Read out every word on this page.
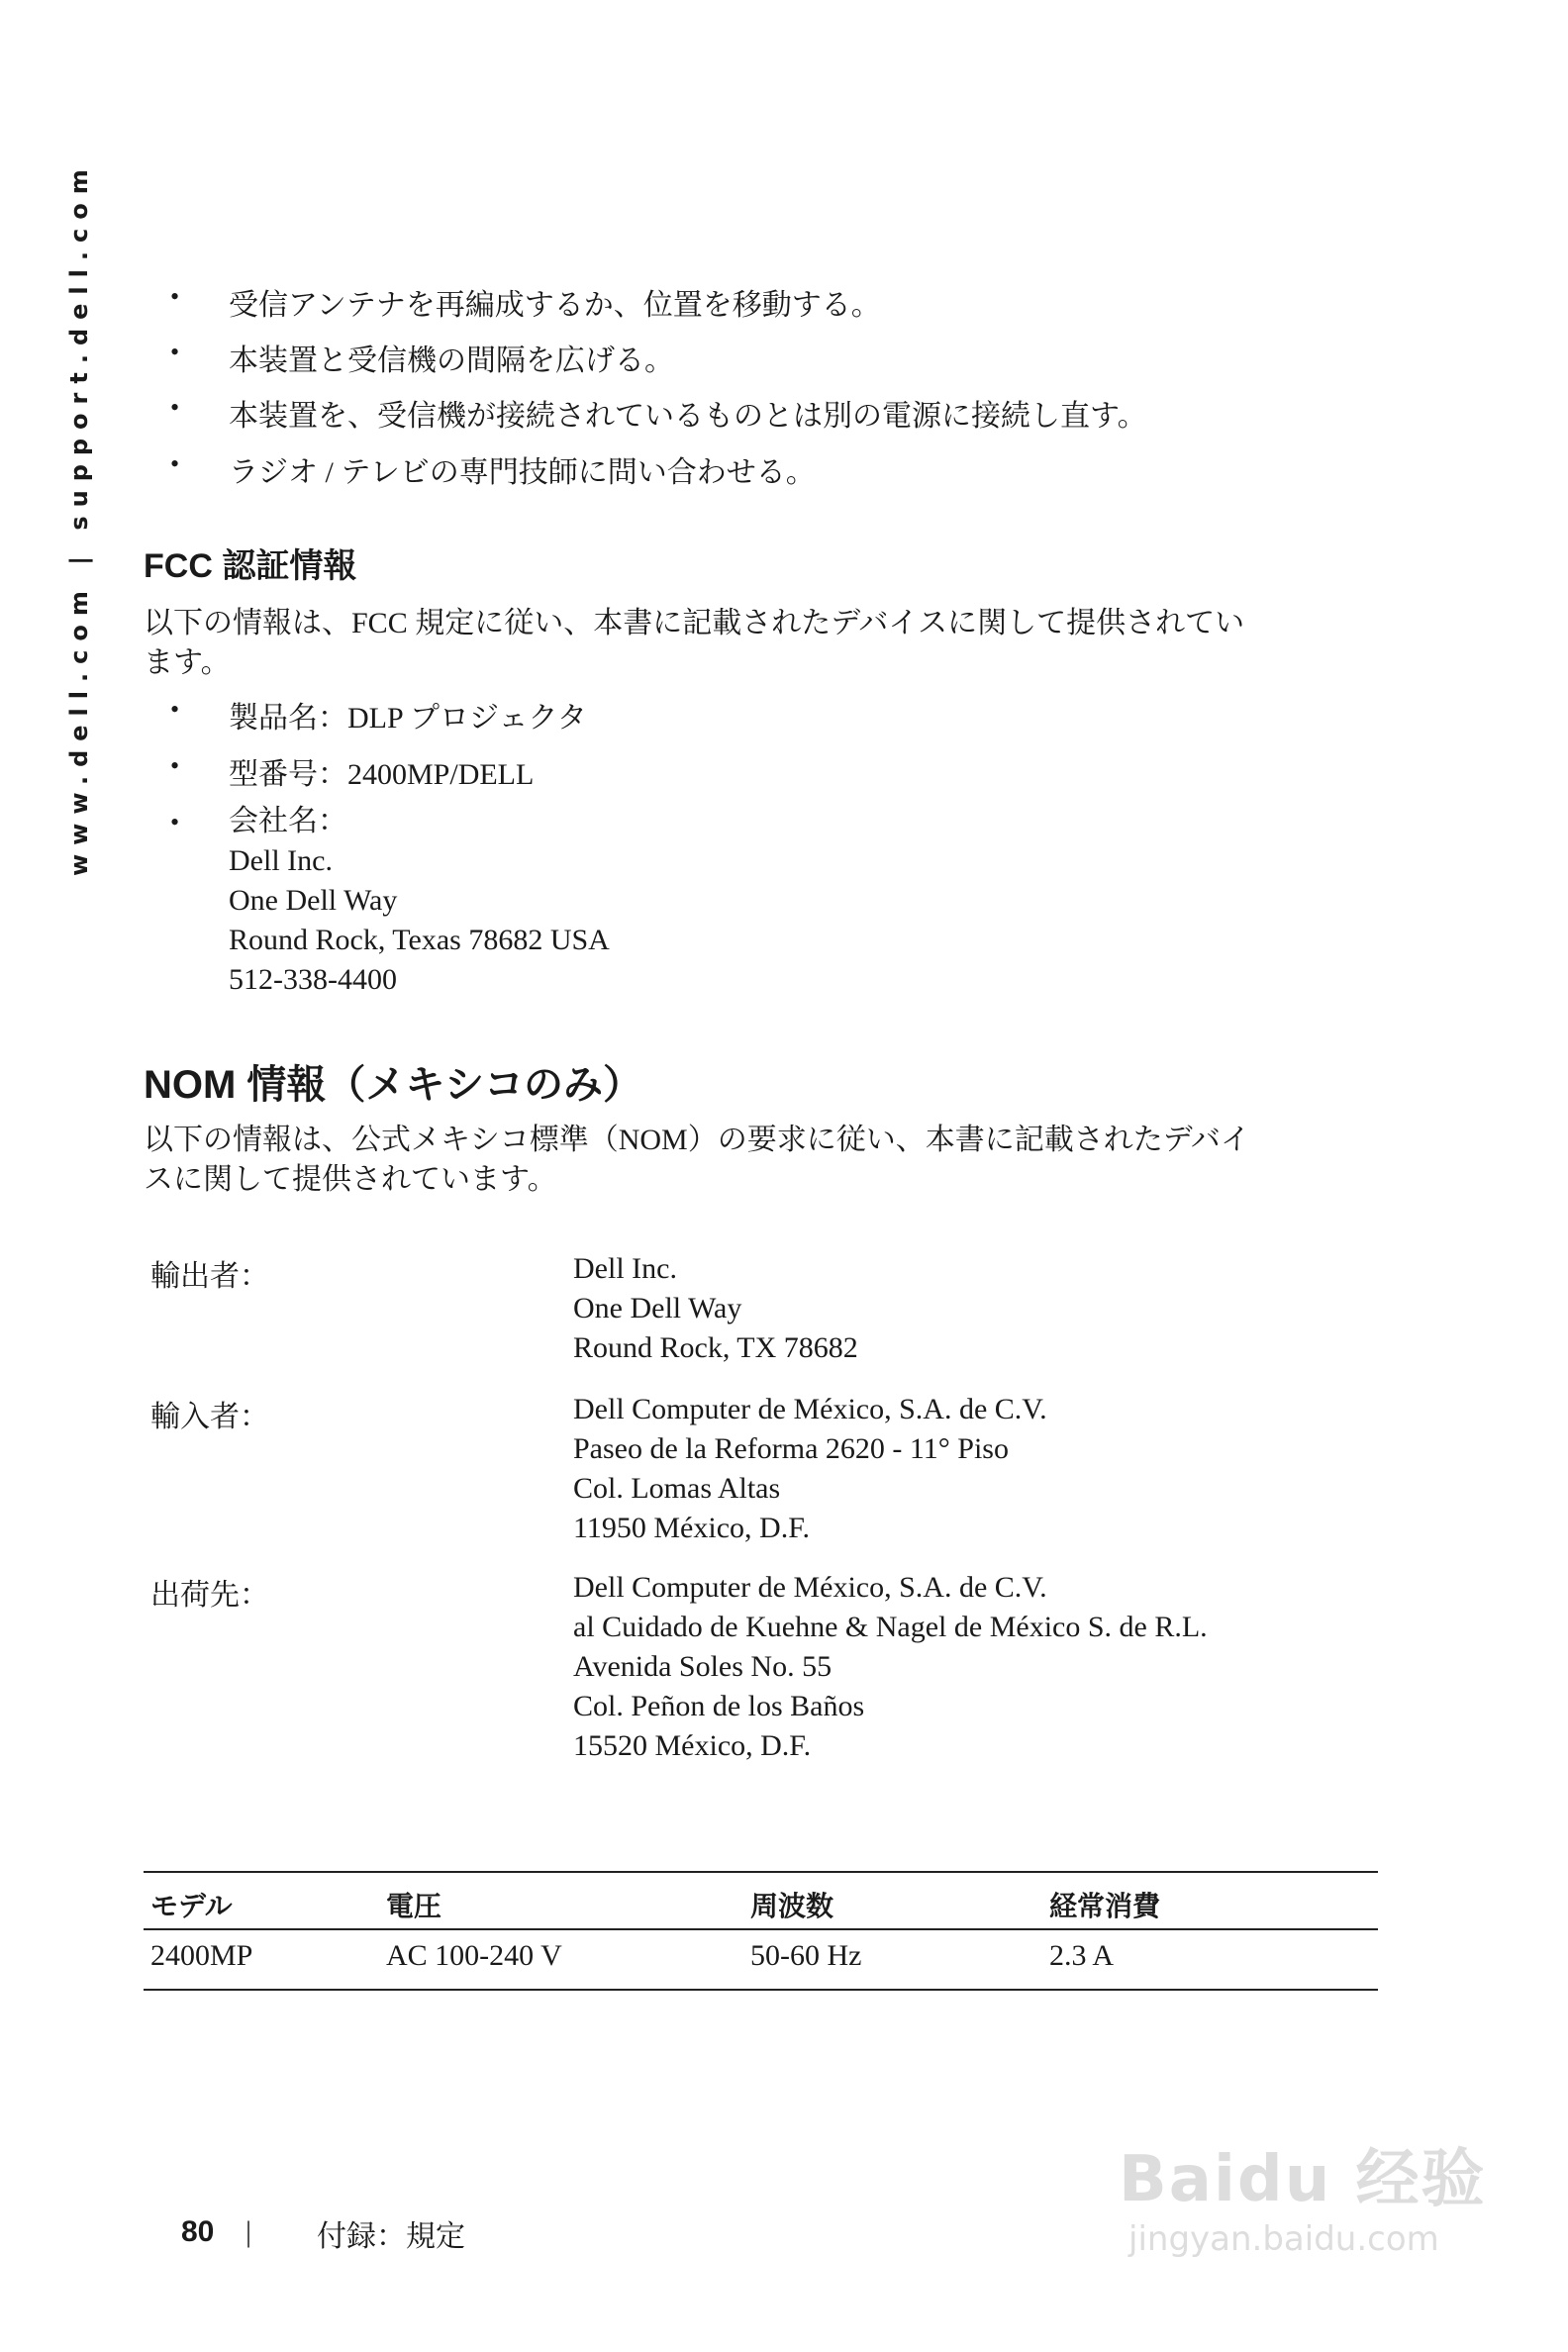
www.dell.com | support.dell.com	• 受信アンテナを再編成するか、位置を移動する。
• 本装置と受信機の間隔を広げる。
• 本装置を、受信機が接続されているものとは別の電源に接続し直す。
• ラジオ / テレビの専門技師に問い合わせる。
FCC 認証情報
以下の情報は、FCC 規定に従い、本書に記載されたデバイスに関して提供されてい
ます。
• 製品名：DLP プロジェクタ
• 型番号：2400MP/DELL
• 会社名：
Dell Inc.
One Dell Way
Round Rock, Texas 78682 USA
512-338-4400
NOM 情報（メキシコのみ）
以下の情報は、公式メキシコ標準（NOM）の要求に従い、本書に記載されたデバイ
スに関して提供されています。
輸出者：	Dell Inc.
One Dell Way
Round Rock, TX 78682
輸入者：	Dell Computer de México, S.A. de C.V.
Paseo de la Reforma 2620 - 11° Piso
Col. Lomas Altas
11950 México, D.F.
出荷先：	Dell Computer de México, S.A. de C.V.
al Cuidado de Kuehne & Nagel de México S. de R.L.
Avenida Soles No. 55
Col. Peñon de los Baños
15520 México, D.F.
モデル	電圧	周波数	経常消費
2400MP	AC 100-240 V	50-60 Hz	2.3 A
80 | 付録：規定
Baidu 经验
jingyan.baidu.com
